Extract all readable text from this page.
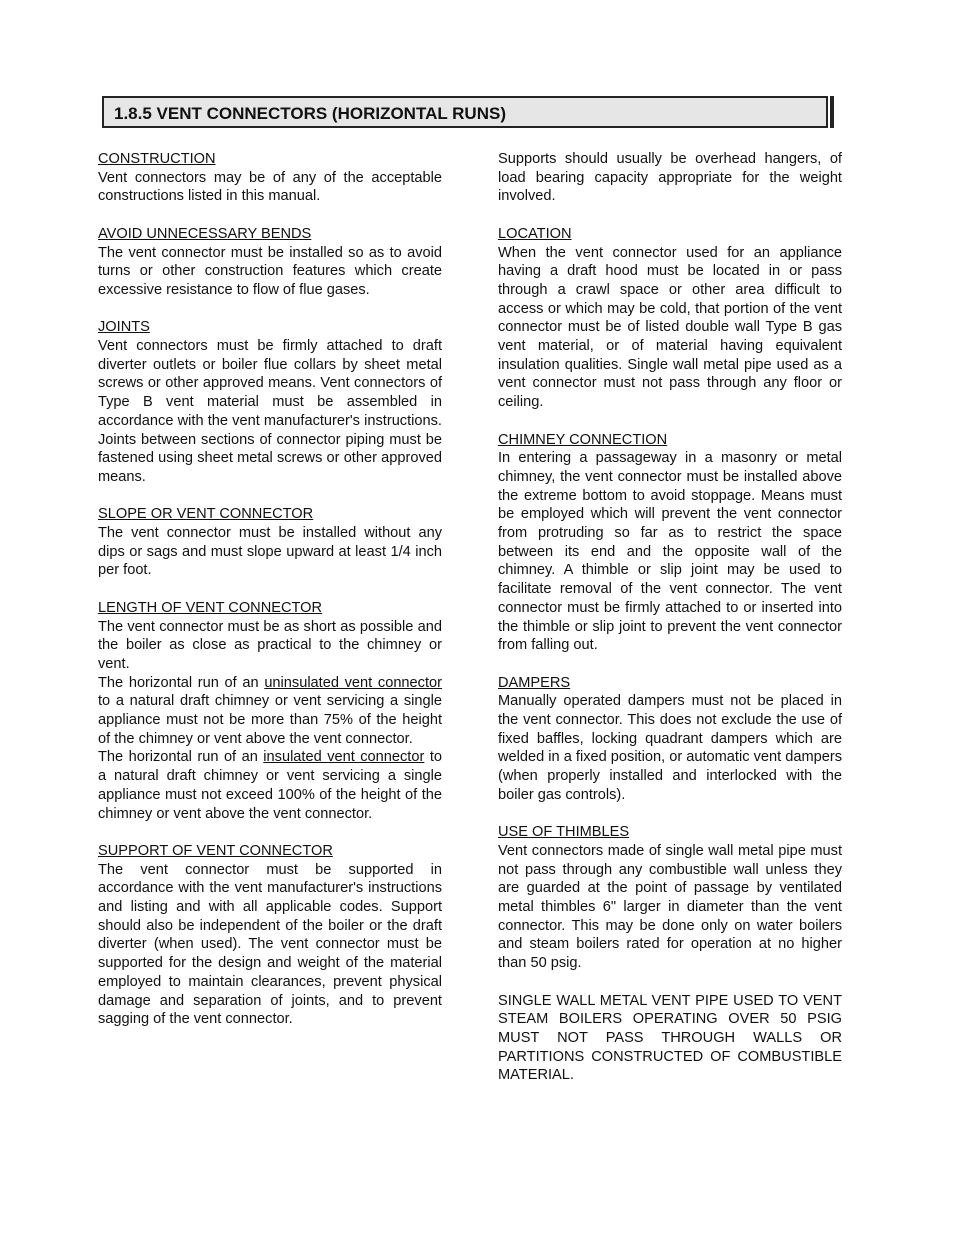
1.8.5 VENT CONNECTORS (HORIZONTAL RUNS)
CONSTRUCTION

Vent connectors may be of any of the acceptable constructions listed in this manual.

AVOID UNNECESSARY BENDS

The vent connector must be installed so as to avoid turns or other construction features which create excessive resistance to flow of flue gases.

JOINTS

Vent connectors must be firmly attached to draft diverter outlets or boiler flue collars by sheet metal screws or other approved means. Vent connectors of Type B vent material must be assembled in accordance with the vent manufacturer's instructions. Joints between sections of connector piping must be fastened using sheet metal screws or other approved means.

SLOPE OR VENT CONNECTOR

The vent connector must be installed without any dips or sags and must slope upward at least 1/4 inch per foot.

LENGTH OF VENT CONNECTOR

The vent connector must be as short as possible and the boiler as close as practical to the chimney or vent.

The horizontal run of an uninsulated vent connector to a natural draft chimney or vent servicing a single appliance must not be more than 75% of the height of the chimney or vent above the vent connector.

The horizontal run of an insulated vent connector to a natural draft chimney or vent servicing a single appliance must not exceed 100% of the height of the chimney or vent above the vent connector.

SUPPORT OF VENT CONNECTOR

The vent connector must be supported in accordance with the vent manufacturer's instructions and listing and with all applicable codes. Support should also be independent of the boiler or the draft diverter (when used). The vent connector must be supported for the design and weight of the material employed to maintain clearances, prevent physical damage and separation of joints, and to prevent sagging of the vent connector.

Supports should usually be overhead hangers, of load bearing capacity appropriate for the weight involved.

LOCATION

When the vent connector used for an appliance having a draft hood must be located in or pass through a crawl space or other area difficult to access or which may be cold, that portion of the vent connector must be of listed double wall Type B gas vent material, or of material having equivalent insulation qualities. Single wall metal pipe used as a vent connector must not pass through any floor or ceiling.

CHIMNEY CONNECTION

In entering a passageway in a masonry or metal chimney, the vent connector must be installed above the extreme bottom to avoid stoppage. Means must be employed which will prevent the vent connector from protruding so far as to restrict the space between its end and the opposite wall of the chimney. A thimble or slip joint may be used to facilitate removal of the vent connector. The vent connector must be firmly attached to or inserted into the thimble or slip joint to prevent the vent connector from falling out.

DAMPERS

Manually operated dampers must not be placed in the vent connector. This does not exclude the use of fixed baffles, locking quadrant dampers which are welded in a fixed position, or automatic vent dampers (when properly installed and interlocked with the boiler gas controls).

USE OF THIMBLES

Vent connectors made of single wall metal pipe must not pass through any combustible wall unless they are guarded at the point of passage by ventilated metal thimbles 6" larger in diameter than the vent connector. This may be done only on water boilers and steam boilers rated for operation at no higher than 50 psig.

SINGLE WALL METAL VENT PIPE USED TO VENT STEAM BOILERS OPERATING OVER 50 PSIG MUST NOT PASS THROUGH WALLS OR PARTITIONS CONSTRUCTED OF COMBUSTIBLE MATERIAL.
